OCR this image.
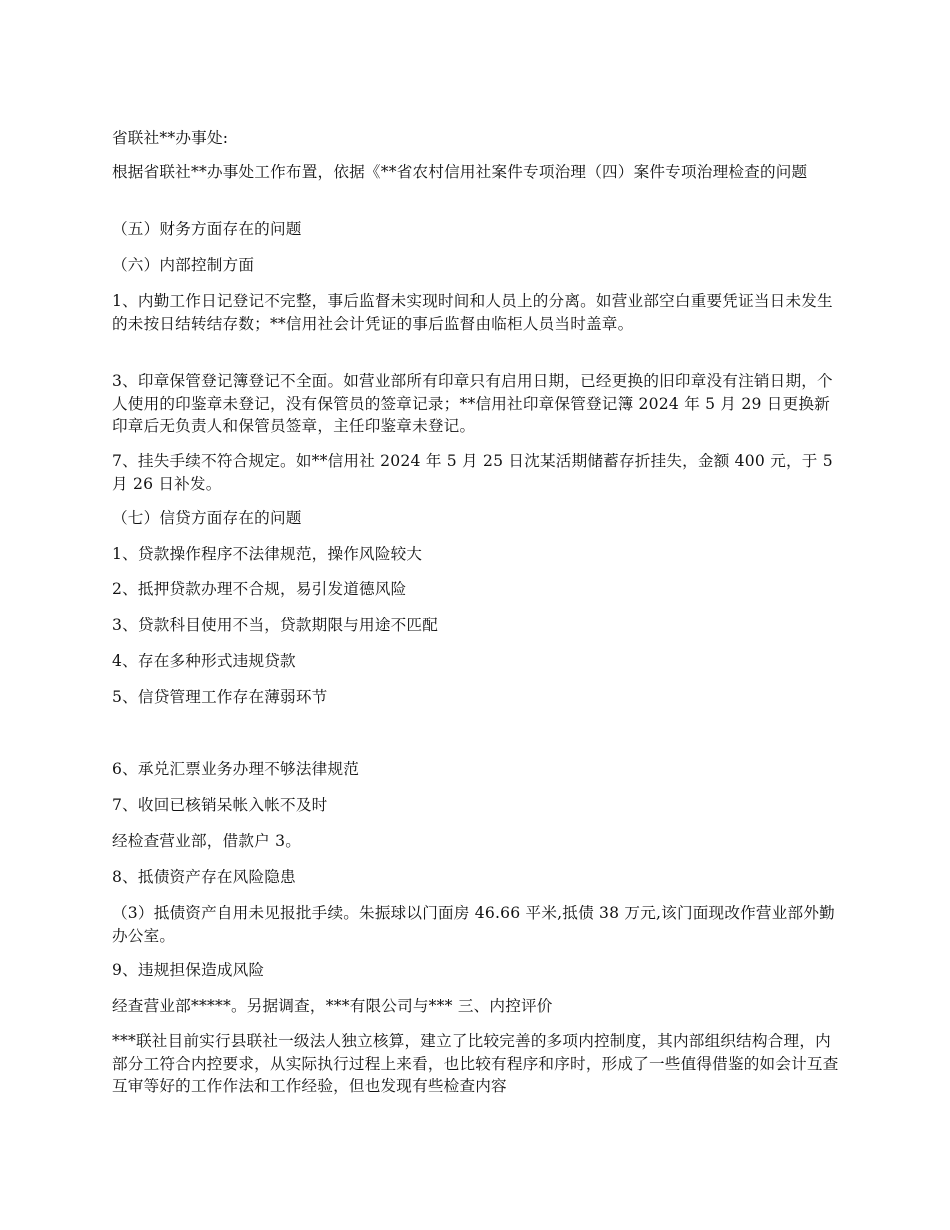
省联社**办事处:

根据省联社**办事处工作布置，依据《**省农村信用社案件专项治理（四）案件专项治理检查的问题

（五）财务方面存在的问题

（六）内部控制方面

1、内勤工作日记登记不完整，事后监督未实现时间和人员上的分离。如营业部空白重要凭证当日未发生的未按日结转结存数；**信用社会计凭证的事后监督由临柜人员当时盖章。

3、印章保管登记簿登记不全面。如营业部所有印章只有启用日期，已经更换的旧印章没有注销日期，个人使用的印鉴章未登记，没有保管员的签章记录；**信用社印章保管登记簿 2024 年 5 月 29 日更换新印章后无负责人和保管员签章，主任印鉴章未登记。

7、挂失手续不符合规定。如**信用社 2024 年 5 月 25 日沈某活期储蓄存折挂失，金额 400 元，于 5 月 26 日补发。

（七）信贷方面存在的问题

1、贷款操作程序不法律规范，操作风险较大

2、抵押贷款办理不合规，易引发道德风险

3、贷款科目使用不当，贷款期限与用途不匹配

4、存在多种形式违规贷款

5、信贷管理工作存在薄弱环节

6、承兑汇票业务办理不够法律规范

7、收回已核销呆帐入帐不及时

经检查营业部，借款户 3。

8、抵债资产存在风险隐患

（3）抵债资产自用未见报批手续。朱振球以门面房 46.66 平米,抵债 38 万元,该门面现改作营业部外勤办公室。

9、违规担保造成风险

经查营业部*****。另据调查，***有限公司与*** 三、内控评价

***联社目前实行县联社一级法人独立核算，建立了比较完善的多项内控制度，其内部组织结构合理，内部分工符合内控要求，从实际执行过程上来看，也比较有程序和序时，形成了一些值得借鉴的如会计互查互审等好的工作作法和工作经验，但也发现有些检查内容
